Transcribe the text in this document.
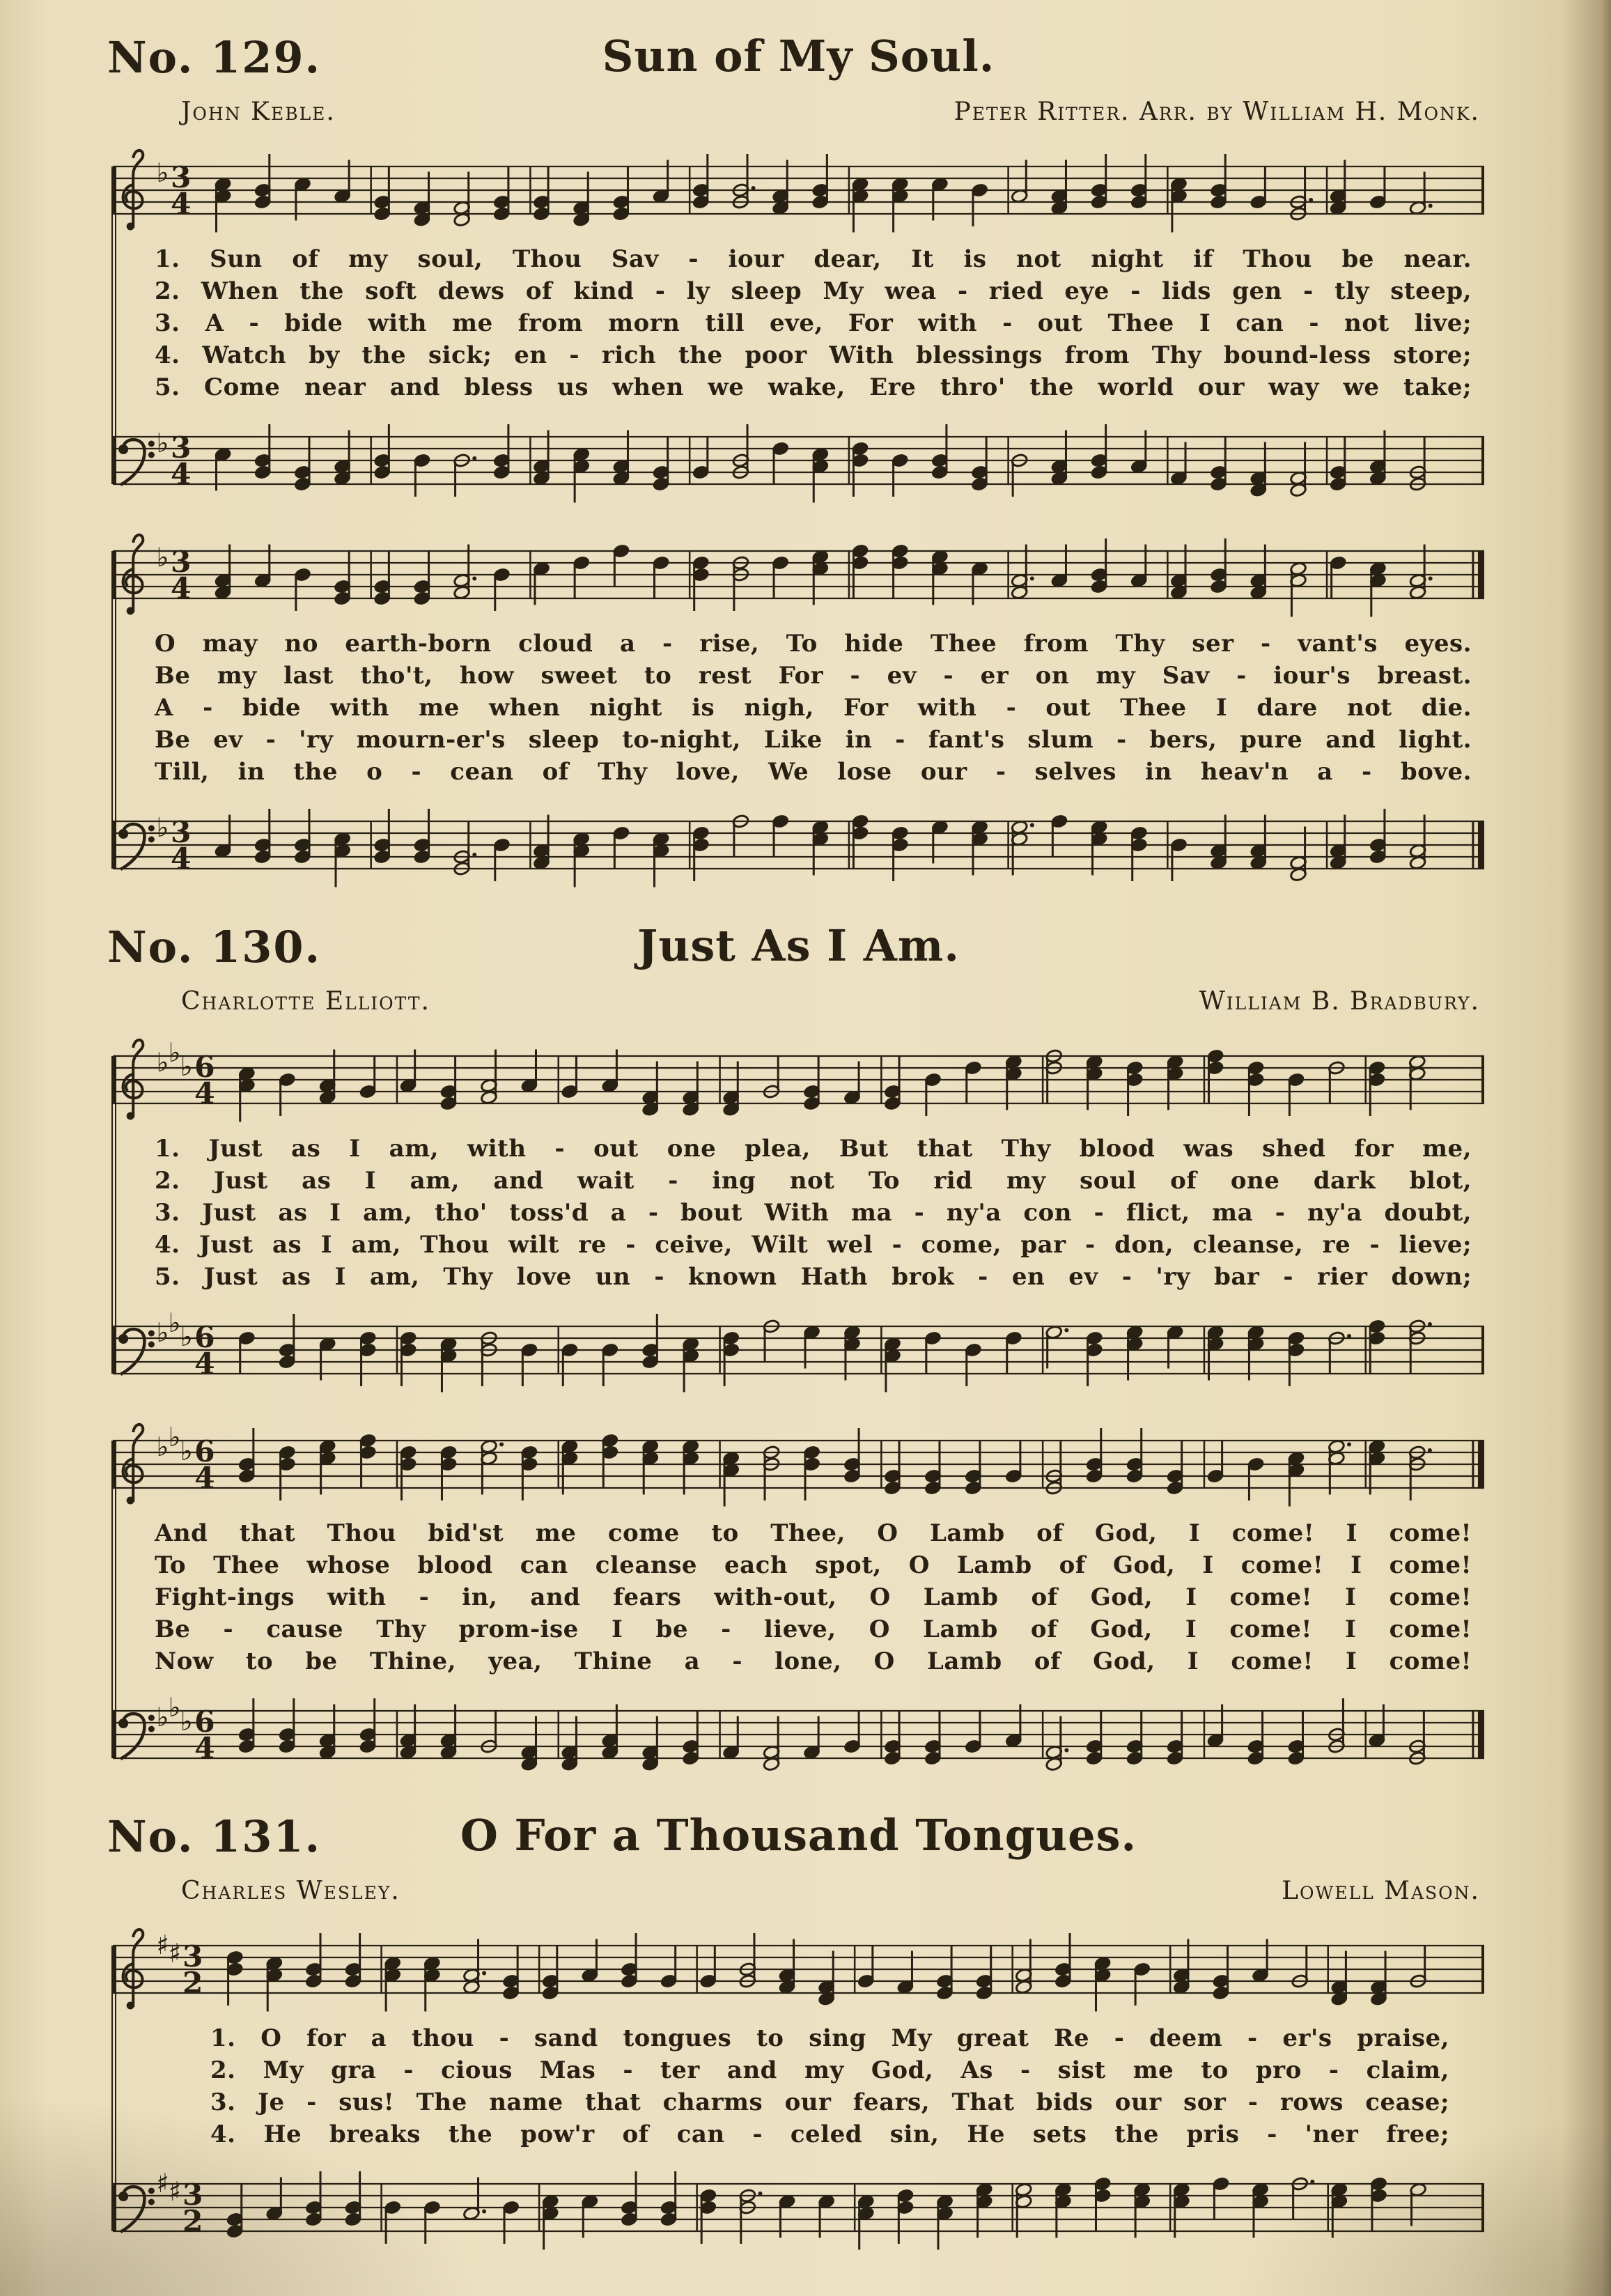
No. 129.	Sun of My Soul.
John Keble.	Peter Ritter. Arr. by William H. Monk.
♭ 3
4
1. Sun of my soul, Thou Sav - iour dear, It is not night if Thou be near.
2. When the soft dews of kind - ly sleep My wea - ried eye - lids gen - tly steep,
3. A - bide with me from morn till eve, For with - out Thee I can - not live;
4. Watch by the sick; en - rich the poor With blessings from Thy bound-less store;
5. Come near and bless us when we wake, Ere thro' the world our way we take;
♭ 3
4
♭ 3
4
O may no earth-born cloud a - rise, To hide Thee from Thy ser - vant's eyes.
Be my last tho't, how sweet to rest For - ev - er on my Sav - iour's breast.
A - bide with me when night is nigh, For with - out Thee I dare not die.
Be ev - 'ry mourn-er's sleep to-night, Like in - fant's slum - bers, pure and light.
Till, in the o - cean of Thy love, We lose our - selves in heav'n a - bove.
♭ 3
4
No. 130.	Just As I Am.
Charlotte Elliott.	William B. Bradbury.
♭ ♭ ♭ 6
4
1. Just as I am, with - out one plea, But that Thy blood was shed for me,
2. Just as I am, and wait - ing not To rid my soul of one dark blot,
3. Just as I am, tho' toss'd a - bout With ma - ny'a con - flict, ma - ny'a doubt,
4. Just as I am, Thou wilt re - ceive, Wilt wel - come, par - don, cleanse, re - lieve;
5. Just as I am, Thy love un - known Hath brok - en ev - 'ry bar - rier down;
♭ ♭ ♭ 6
4
♭ ♭ ♭ 6
4
And that Thou bid'st me come to Thee, O Lamb of God, I come! I come!
To Thee whose blood can cleanse each spot, O Lamb of God, I come! I come!
Fight-ings with - in, and fears with-out, O Lamb of God, I come! I come!
Be - cause Thy prom-ise I be - lieve, O Lamb of God, I come! I come!
Now to be Thine, yea, Thine a - lone, O Lamb of God, I come! I come!
♭ ♭ ♭ 6
4
No. 131.	O For a Thousand Tongues.
Charles Wesley.	Lowell Mason.
♯
♯ 3
2
1. O for a thou - sand tongues to sing My great Re - deem - er's praise,
2. My gra - cious Mas - ter and my God, As - sist me to pro - claim,
3. Je - sus! The name that charms our fears, That bids our sor - rows cease;
4. He breaks the pow'r of can - celed sin, He sets the pris - 'ner free;
♯
♯ 3
2
